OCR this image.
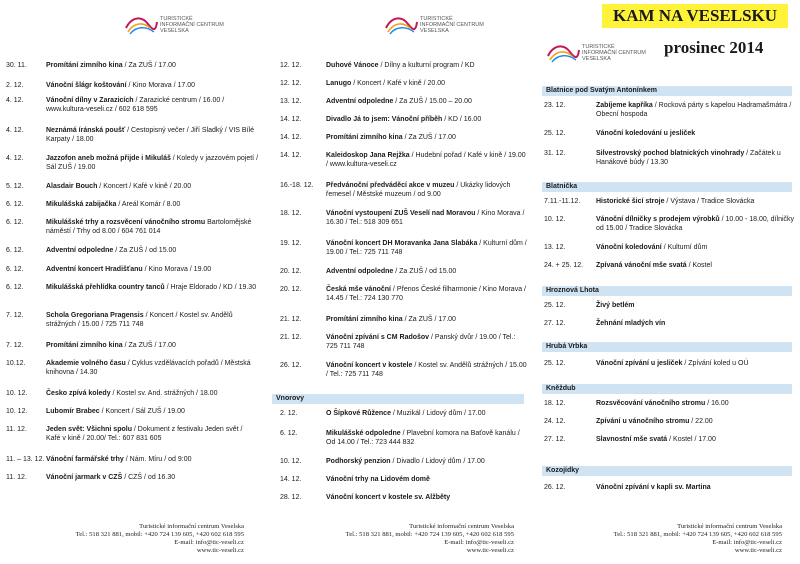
TURISTICKÉ
INFORMAČNÍ CENTRUM
VESELSKA
30. 11.	Promítání zimního kina / Za ZUŠ / 17.00
2. 12.	Vánoční šlágr koštování / Kino Morava / 17.00
4. 12.	Vánoční dílny v Zarazicích / Zarazické centrum / 16.00 / www.kultura-veseli.cz / 602 618 595
4. 12.	Neznámá íránská poušť / Cestopisný večer / Jiří Sladký / VIS Bílé Karpaty / 18.00
4. 12.	Jazzofon aneb možná přijde i Mikuláš / Koledy v jazzovém pojetí / Sál ZUŠ / 19.00
5. 12.	Alasdair Bouch / Koncert / Kafé v kině / 20.00
6. 12.	Mikulášská zabijačka / Areál Komár / 8.00
6. 12.	Mikulášské trhy a rozsvěcení vánočního stromu Bartolomějské náměstí / Trhy od 8.00 / 604 761 014
6. 12.	Adventní odpoledne / Za ZUŠ / od 15.00
6. 12.	Adventní koncert Hradišťanu / Kino Morava / 19.00
6. 12.	Mikulášská přehlídka country tanců / Hraje Eldorado / KD / 19.30
7. 12.	Schola Gregoriana Pragensis / Koncert / Kostel sv. Andělů strážných / 15.00 / 725 711 748
7. 12.	Promítání zimního kina / Za ZUŠ / 17.00
10.12.	Akademie volného času / Cyklus vzdělávacích pořadů / Městská knihovna / 14.30
10. 12.	Česko zpívá koledy / Kostel sv. And. strážných / 18.00
10. 12.	Lubomír Brabec / Koncert / Sál ZUŠ / 19.00
11. 12.	Jeden svět: Všichni spolu / Dokument z festivalu Jeden svět / Kafé v kině / 20.00/ Tel.: 607 831 605
11. – 13. 12. Vánoční farmářské trhy / Nám. Míru / od 9:00
11. 12.	Vánoční jarmark v CZŠ / CZŠ / od 16.30
Turistické informační centrum Veselska
Tel.: 518 321 881, mobil: +420 724 139 605, +420 602 618 595
E-mail: info@tic-veseli.cz
www.tic-veseli.cz
TURISTICKÉ
INFORMAČNÍ CENTRUM
VESELSKA
12. 12.	Duhové Vánoce / Dílny a kulturní program / KD
12. 12.	Lanugo / Koncert / Kafé v kině / 20.00
13. 12.	Adventní odpoledne / Za ZUŠ / 15.00 – 20.00
14. 12.	Divadlo Já to jsem: Vánoční příběh / KD / 16.00
14. 12.	Promítání zimního kina / Za ZUŠ / 17.00
14. 12.	Kaleidoskop Jana Rejžka / Hudební pořad / Kafé v kině / 19.00 / www.kultura-veseli.cz
16.-18. 12.	Předvánoční předváděcí akce v muzeu / Ukázky lidových řemesel / Městské muzeum / od 9.00
18. 12.	Vánoční vystoupení ZUŠ Veselí nad Moravou / Kino Morava / 16.30 / Tel.: 518 309 651
19. 12.	Vánoční koncert DH Moravanka Jana Slabáka / Kulturní dům / 19.00 / Tel.: 725 711 748
20. 12.	Adventní odpoledne / Za ZUŠ / od 15.00
20. 12.	Česká mše vánoční / Přenos České filharmonie / Kino Morava / 14.45 / Tel.: 724 130 770
21. 12.	Promítání zimního kina / Za ZUŠ / 17.00
21. 12.	Vánoční zpívání s CM Radošov / Panský dvůr / 19.00 / Tel.: 725 711 748
26. 12.	Vánoční koncert v kostele / Kostel sv. Andělů strážných / 15.00 / Tel.: 725 711 748
Vnorovy
2. 12.	O Šípkové Růžence / Muzikál / Lidový dům / 17.00
6. 12.	Mikulášské odpoledne / Plavební komora na Baťově kanálu / Od 14.00 / Tel.: 723 444 832
10. 12.	Podhorský penzion / Divadlo / Lidový dům / 17.00
14. 12.	Vánoční trhy na Lidovém domě
28. 12.	Vánoční koncert v kostele sv. Alžběty
Turistické informační centrum Veselska
Tel.: 518 321 881, mobil: +420 724 139 605, +420 602 618 595
E-mail: info@tic-veseli.cz
www.tic-veseli.cz
KAM NA VESELSKU
TURISTICKÉ
INFORMAČNÍ CENTRUM
VESELSKA
prosinec 2014
Blatnice pod Svatým Antonínkem
23. 12.	Zabíjeme kapříka / Rocková párty s kapelou Hadramašmátra / Obecní hospoda
25. 12.	Vánoční koledování u jesliček
31. 12.	Silvestrovský pochod blatnických vinohrady / Začátek u Hanákové búdy / 13.30
Blatnička
7.11.-11.12.	Historické šicí stroje / Výstava / Tradice Slovácka
10. 12.	Vánoční dílničky s prodejem výrobků / 10.00 - 18.00, dílničky od 15.00 / Tradice Slovácka
13. 12.	Vánoční koledování / Kulturní dům
24. + 25. 12.	Zpívaná vánoční mše svatá / Kostel
Hroznová Lhota
25. 12.	Živý betlém
27. 12.	Žehnání mladých vín
Hrubá Vrbka
25. 12.	Vánoční zpívání u jesliček / Zpívání koled u OÚ
Kněždub
18. 12.	Rozsvěcování vánočního stromu / 16.00
24. 12.	Zpívání u vánočního stromu / 22.00
27. 12.	Slavnostní mše svatá / Kostel / 17.00
Kozojídky
26. 12.	Vánoční zpívání v kapli sv. Martina
Turistické informační centrum Veselska
Tel.: 518 321 881, mobil: +420 724 139 605, +420 602 618 595
E-mail: info@tic-veseli.cz
www.tic-veseli.cz
